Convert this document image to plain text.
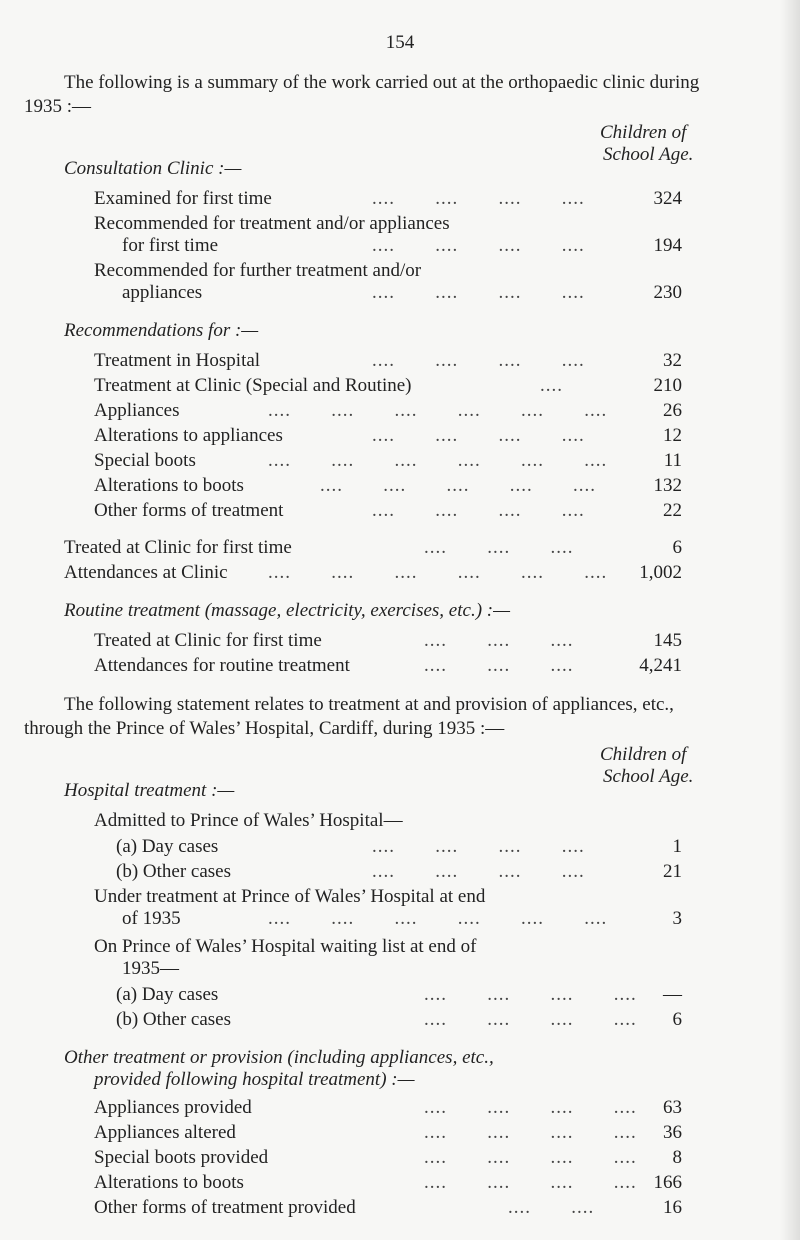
154
The following is a summary of the work carried out at the orthopaedic clinic during
1935 :—
Children of
School Age.
Consultation Clinic :—
Examined for first time	....       ....       ....       ....	324
Recommended for treatment and/or appliances
for first time	....       ....       ....       ....	194
Recommended for further treatment and/or
appliances	....       ....       ....       ....	230
Recommendations for :—
Treatment in Hospital	....       ....       ....       ....	32
Treatment at Clinic (Special and Routine)	....	210
Appliances	....       ....       ....       ....       ....       ....	26
Alterations to appliances	....       ....       ....       ....	12
Special boots	....       ....       ....       ....       ....       ....	11
Alterations to boots	....       ....       ....       ....       ....	132
Other forms of treatment	....       ....       ....       ....	22
Treated at Clinic for first time	....       ....       ....	6
Attendances at Clinic ....       ....       ....       ....       ....       ....	1,002
Routine treatment (massage, electricity, exercises, etc.) :—
Treated at Clinic for first time	....       ....       ....	145
Attendances for routine treatment	....       ....       ....	4,241
The following statement relates to treatment at and provision of appliances, etc.,
through the Prince of Wales’ Hospital, Cardiff, during 1935 :—
Children of
School Age.
Hospital treatment :—
Admitted to Prince of Wales’ Hospital—
(a) Day cases	....       ....       ....       ....	1
(b) Other cases	....       ....       ....       ....	21
Under treatment at Prince of Wales’ Hospital at end
of 1935	....       ....       ....       ....       ....       ....	3
On Prince of Wales’ Hospital waiting list at end of
1935—
(a) Day cases	....       ....       ....       ....	—
(b) Other cases	....       ....       ....       ....	6
Other treatment or provision (including appliances, etc.,
provided following hospital treatment) :—
Appliances provided	....       ....       ....       ....	63
Appliances altered	....       ....       ....       ....	36
Special boots provided	....       ....       ....       ....	8
Alterations to boots	....       ....       ....       .... 166
Other forms of treatment provided	....       ....	16
